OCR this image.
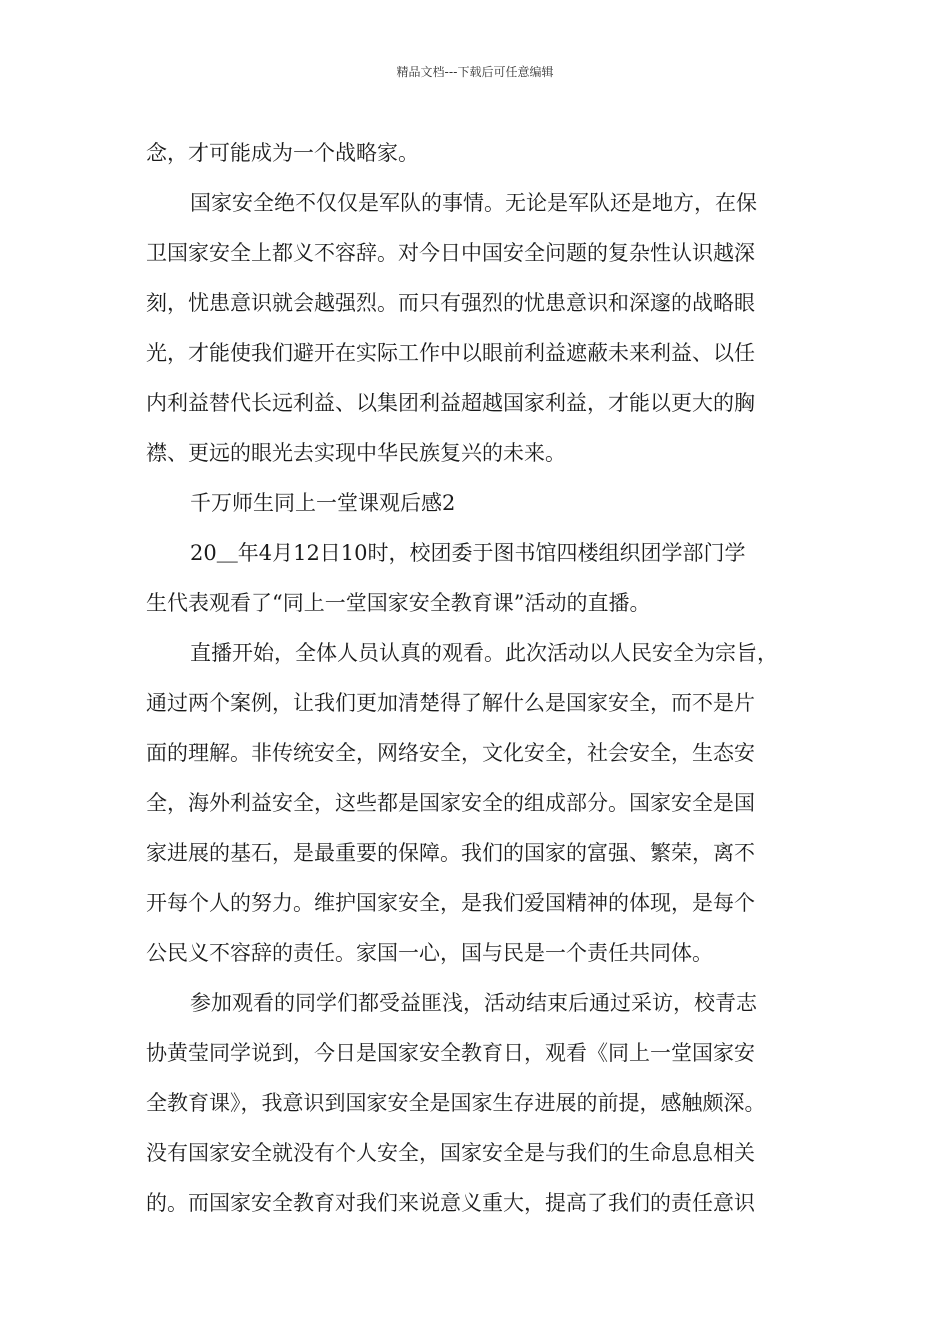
精品文档---下载后可任意编辑
念，才可能成为一个战略家。
国家安全绝不仅仅是军队的事情。无论是军队还是地方，在保
卫国家安全上都义不容辞。对今日中国安全问题的复杂性认识越深
刻，忧患意识就会越强烈。而只有强烈的忧患意识和深邃的战略眼
光，才能使我们避开在实际工作中以眼前利益遮蔽未来利益、以任
内利益替代长远利益、以集团利益超越国家利益，才能以更大的胸
襟、更远的眼光去实现中华民族复兴的未来。
千万师生同上一堂课观后感2
20＿年4月12日10时，校团委于图书馆四楼组织团学部门学
生代表观看了“同上一堂国家安全教育课”活动的直播。
直播开始，全体人员认真的观看。此次活动以人民安全为宗旨，
通过两个案例，让我们更加清楚得了解什么是国家安全，而不是片
面的理解。非传统安全，网络安全，文化安全，社会安全，生态安
全，海外利益安全，这些都是国家安全的组成部分。国家安全是国
家进展的基石，是最重要的保障。我们的国家的富强、繁荣，离不
开每个人的努力。维护国家安全，是我们爱国精神的体现，是每个
公民义不容辞的责任。家国一心，国与民是一个责任共同体。
参加观看的同学们都受益匪浅，活动结束后通过采访，校青志
协黄莹同学说到，今日是国家安全教育日，观看《同上一堂国家安
全教育课》，我意识到国家安全是国家生存进展的前提，感触颇深。
没有国家安全就没有个人安全，国家安全是与我们的生命息息相关
的。而国家安全教育对我们来说意义重大，提高了我们的责任意识
